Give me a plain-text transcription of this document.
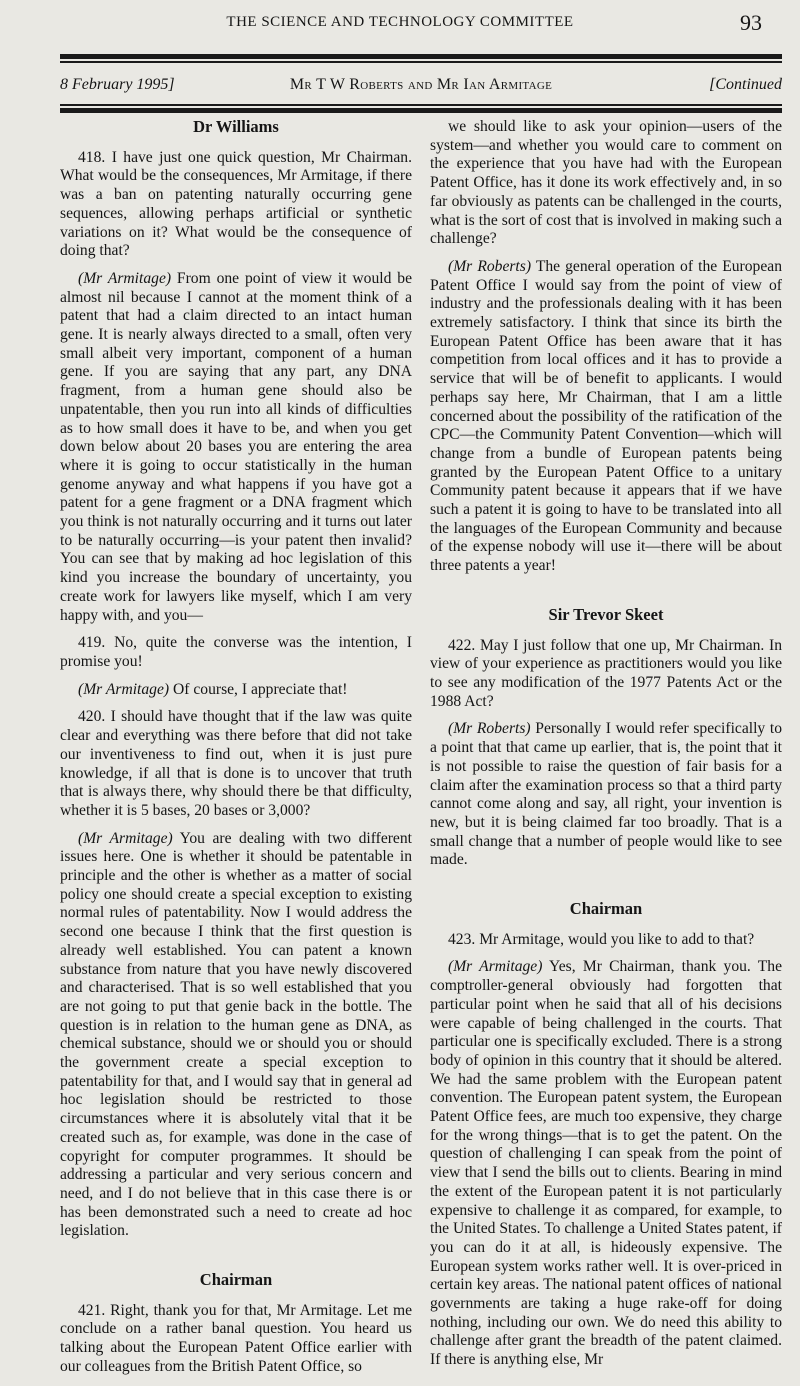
THE SCIENCE AND TECHNOLOGY COMMITTEE	93
8 February 1995]	Mr T W Roberts and Mr Ian Armitage	[Continued
Dr Williams

418. I have just one quick question, Mr Chairman. What would be the consequences, Mr Armitage, if there was a ban on patenting naturally occurring gene sequences, allowing perhaps artificial or synthetic variations on it? What would be the consequence of doing that?

(Mr Armitage) From one point of view it would be almost nil because I cannot at the moment think of a patent that had a claim directed to an intact human gene. It is nearly always directed to a small, often very small albeit very important, component of a human gene. If you are saying that any part, any DNA fragment, from a human gene should also be unpatentable, then you run into all kinds of difficulties as to how small does it have to be, and when you get down below about 20 bases you are entering the area where it is going to occur statistically in the human genome anyway and what happens if you have got a patent for a gene fragment or a DNA fragment which you think is not naturally occurring and it turns out later to be naturally occurring—is your patent then invalid? You can see that by making ad hoc legislation of this kind you increase the boundary of uncertainty, you create work for lawyers like myself, which I am very happy with, and you—

419. No, quite the converse was the intention, I promise you!

(Mr Armitage) Of course, I appreciate that!

420. I should have thought that if the law was quite clear and everything was there before that did not take our inventiveness to find out, when it is just pure knowledge, if all that is done is to uncover that truth that is always there, why should there be that difficulty, whether it is 5 bases, 20 bases or 3,000?

(Mr Armitage) You are dealing with two different issues here. One is whether it should be patentable in principle and the other is whether as a matter of social policy one should create a special exception to existing normal rules of patentability. Now I would address the second one because I think that the first question is already well established. You can patent a known substance from nature that you have newly discovered and characterised. That is so well established that you are not going to put that genie back in the bottle. The question is in relation to the human gene as DNA, as chemical substance, should we or should you or should the government create a special exception to patentability for that, and I would say that in general ad hoc legislation should be restricted to those circumstances where it is absolutely vital that it be created such as, for example, was done in the case of copyright for computer programmes. It should be addressing a particular and very serious concern and need, and I do not believe that in this case there is or has been demonstrated such a need to create ad hoc legislation.

Chairman

421. Right, thank you for that, Mr Armitage. Let me conclude on a rather banal question. You heard us talking about the European Patent Office earlier with our colleagues from the British Patent Office, so

we should like to ask your opinion—users of the system—and whether you would care to comment on the experience that you have had with the European Patent Office, has it done its work effectively and, in so far obviously as patents can be challenged in the courts, what is the sort of cost that is involved in making such a challenge?

(Mr Roberts) The general operation of the European Patent Office I would say from the point of view of industry and the professionals dealing with it has been extremely satisfactory. I think that since its birth the European Patent Office has been aware that it has competition from local offices and it has to provide a service that will be of benefit to applicants. I would perhaps say here, Mr Chairman, that I am a little concerned about the possibility of the ratification of the CPC—the Community Patent Convention—which will change from a bundle of European patents being granted by the European Patent Office to a unitary Community patent because it appears that if we have such a patent it is going to have to be translated into all the languages of the European Community and because of the expense nobody will use it—there will be about three patents a year!

Sir Trevor Skeet

422. May I just follow that one up, Mr Chairman. In view of your experience as practitioners would you like to see any modification of the 1977 Patents Act or the 1988 Act?

(Mr Roberts) Personally I would refer specifically to a point that that came up earlier, that is, the point that it is not possible to raise the question of fair basis for a claim after the examination process so that a third party cannot come along and say, all right, your invention is new, but it is being claimed far too broadly. That is a small change that a number of people would like to see made.

Chairman

423. Mr Armitage, would you like to add to that?

(Mr Armitage) Yes, Mr Chairman, thank you. The comptroller-general obviously had forgotten that particular point when he said that all of his decisions were capable of being challenged in the courts. That particular one is specifically excluded. There is a strong body of opinion in this country that it should be altered. We had the same problem with the European patent convention. The European patent system, the European Patent Office fees, are much too expensive, they charge for the wrong things—that is to get the patent. On the question of challenging I can speak from the point of view that I send the bills out to clients. Bearing in mind the extent of the European patent it is not particularly expensive to challenge it as compared, for example, to the United States. To challenge a United States patent, if you can do it at all, is hideously expensive. The European system works rather well. It is over-priced in certain key areas. The national patent offices of national governments are taking a huge rake-off for doing nothing, including our own. We do need this ability to challenge after grant the breadth of the patent claimed. If there is anything else, Mr
